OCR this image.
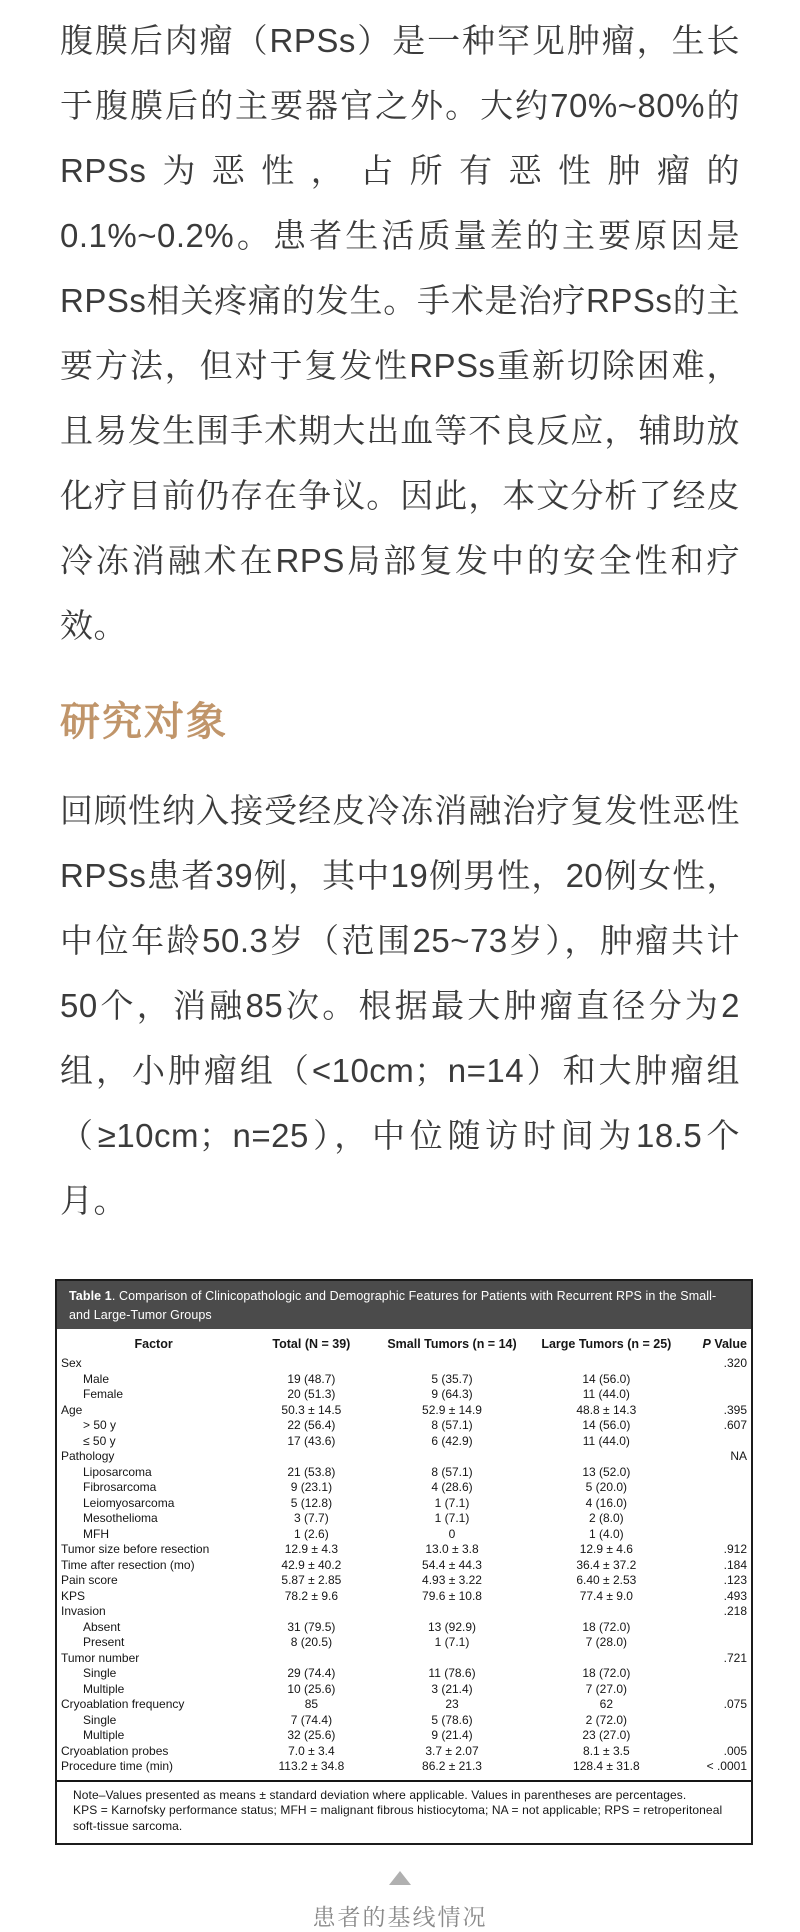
腹膜后肉瘤（RPSs）是一种罕见肿瘤，生长于腹膜后的主要器官之外。大约70%~80%的RPSs为恶性，占所有恶性肿瘤的0.1%~0.2%。患者生活质量差的主要原因是RPSs相关疼痛的发生。手术是治疗RPSs的主要方法，但对于复发性RPSs重新切除困难，且易发生围手术期大出血等不良反应，辅助放化疗目前仍存在争议。因此，本文分析了经皮冷冻消融术在RPS局部复发中的安全性和疗效。

研究对象

回顾性纳入接受经皮冷冻消融治疗复发性恶性RPSs患者39例，其中19例男性，20例女性，中位年龄50.3岁（范围25~73岁），肿瘤共计50个，消融85次。根据最大肿瘤直径分为2组，小肿瘤组（<10cm；n=14）和大肿瘤组（≥10cm；n=25），中位随访时间为18.5个月。

Table 1. Comparison of Clinicopathologic and Demographic Features for Patients with Recurrent RPS in the Small- and Large-Tumor Groups
Factor	Total (N = 39)	Small Tumors (n = 14)	Large Tumors (n = 25)	P Value
Sex				.320
Male	19 (48.7)	5 (35.7)	14 (56.0)	
Female	20 (51.3)	9 (64.3)	11 (44.0)	
Age	50.3 ± 14.5	52.9 ± 14.9	48.8 ± 14.3	.395
> 50 y	22 (56.4)	8 (57.1)	14 (56.0)	.607
≤ 50 y	17 (43.6)	6 (42.9)	11 (44.0)	
Pathology				NA
Liposarcoma	21 (53.8)	8 (57.1)	13 (52.0)	
Fibrosarcoma	9 (23.1)	4 (28.6)	5 (20.0)	
Leiomyosarcoma	5 (12.8)	1 (7.1)	4 (16.0)	
Mesothelioma	3 (7.7)	1 (7.1)	2 (8.0)	
MFH	1 (2.6)	0	1 (4.0)	
Tumor size before resection	12.9 ± 4.3	13.0 ± 3.8	12.9 ± 4.6	.912
Time after resection (mo)	42.9 ± 40.2	54.4 ± 44.3	36.4 ± 37.2	.184
Pain score	5.87 ± 2.85	4.93 ± 3.22	6.40 ± 2.53	.123
KPS	78.2 ± 9.6	79.6 ± 10.8	77.4 ± 9.0	.493
Invasion				.218
Absent	31 (79.5)	13 (92.9)	18 (72.0)	
Present	8 (20.5)	1 (7.1)	7 (28.0)	
Tumor number				.721
Single	29 (74.4)	11 (78.6)	18 (72.0)	
Multiple	10 (25.6)	3 (21.4)	7 (27.0)	
Cryoablation frequency	85	23	62	.075
Single	7 (74.4)	5 (78.6)	2 (72.0)	
Multiple	32 (25.6)	9 (21.4)	23 (27.0)	
Cryoablation probes	7.0 ± 3.4	3.7 ± 2.07	8.1 ± 3.5	.005
Procedure time (min)	113.2 ± 34.8	86.2 ± 21.3	128.4 ± 31.8	< .0001

Note–Values presented as means ± standard deviation where applicable. Values in parentheses are percentages.

KPS = Karnofsky performance status; MFH = malignant fibrous histiocytoma; NA = not applicable; RPS = retroperitoneal soft-tissue sarcoma.

患者的基线情况
